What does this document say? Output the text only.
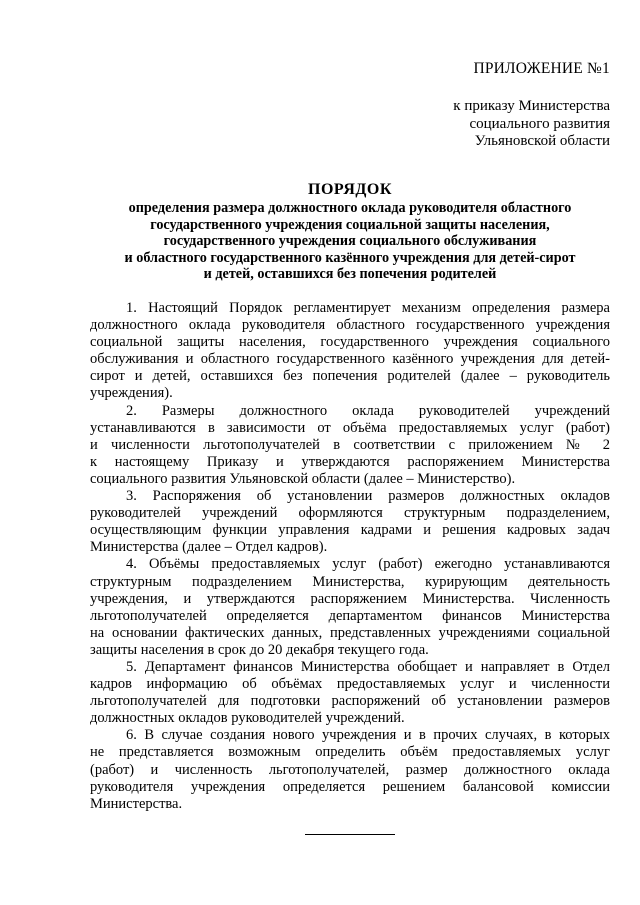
ПРИЛОЖЕНИЕ №1
к приказу Министерства
социального развития
Ульяновской области
ПОРЯДОК
определения размера должностного оклада руководителя областного
государственного учреждения социальной защиты населения,
государственного учреждения социального обслуживания
и областного государственного казённого учреждения для детей-сирот
и детей, оставшихся без попечения родителей
1. Настоящий Порядок регламентирует механизм определения размера
должностного оклада руководителя областного государственного учреждения
социальной защиты населения, государственного учреждения социального
обслуживания и областного государственного казённого учреждения для детей-
сирот и детей, оставшихся без попечения родителей (далее – руководитель
учреждения).
2. Размеры должностного оклада руководителей учреждений
устанавливаются в зависимости от объёма предоставляемых услуг (работ)
и численности льготополучателей в соответствии с приложением № 2
к настоящему Приказу и утверждаются распоряжением Министерства
социального развития Ульяновской области (далее – Министерство).
3. Распоряжения об установлении размеров должностных окладов
руководителей учреждений оформляются структурным подразделением,
осуществляющим функции управления кадрами и решения кадровых задач
Министерства (далее – Отдел кадров).
4. Объёмы предоставляемых услуг (работ) ежегодно устанавливаются
структурным подразделением Министерства, курирующим деятельность
учреждения, и утверждаются распоряжением Министерства. Численность
льготополучателей определяется департаментом финансов Министерства
на основании фактических данных, представленных учреждениями социальной
защиты населения в срок до 20 декабря текущего года.
5. Департамент финансов Министерства обобщает и направляет в Отдел
кадров информацию об объёмах предоставляемых услуг и численности
льготополучателей для подготовки распоряжений об установлении размеров
должностных окладов руководителей учреждений.
6. В случае создания нового учреждения и в прочих случаях, в которых
не представляется возможным определить объём предоставляемых услуг
(работ) и численность льготополучателей, размер должностного оклада
руководителя учреждения определяется решением балансовой комиссии
Министерства.
